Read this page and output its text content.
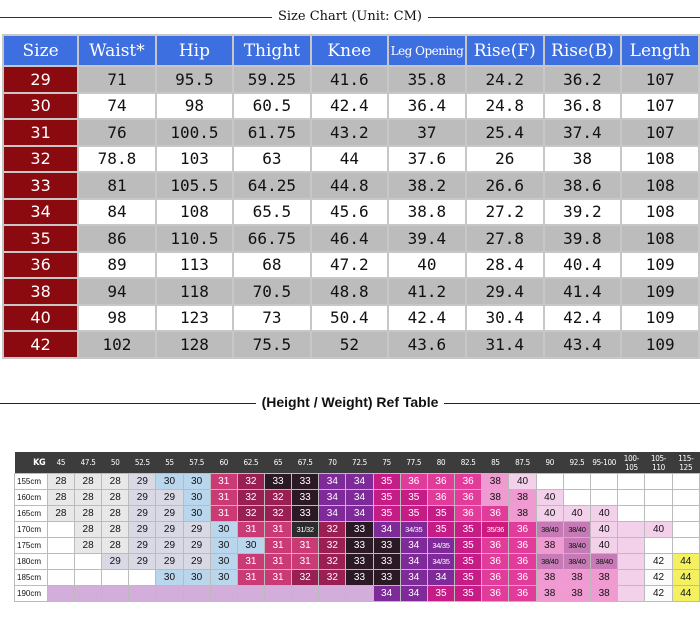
Size Chart (Unit: CM)
Size	Waist*	Hip	Thight	Knee	Leg Opening	Rise(F)	Rise(B)	Length
29	71	95.5	59.25	41.6	35.8	24.2	36.2	107
30	74	98	60.5	42.4	36.4	24.8	36.8	107
31	76	100.5	61.75	43.2	37	25.4	37.4	107
32	78.8	103	63	44	37.6	26	38	108
33	81	105.5	64.25	44.8	38.2	26.6	38.6	108
34	84	108	65.5	45.6	38.8	27.2	39.2	108
35	86	110.5	66.75	46.4	39.4	27.8	39.8	108
36	89	113	68	47.2	40	28.4	40.4	109
38	94	118	70.5	48.8	41.2	29.4	41.4	109
40	98	123	73	50.4	42.4	30.4	42.4	109
42	102	128	75.5	52	43.6	31.4	43.4	109
(Height / Weight) Ref Table
KG	45	47.5	50	52.5	55	57.5	60	62.5	65	67.5	70	72.5	75	77.5	80	82.5	85	87.5	90	92.5	95-100	100-105	105-110	115-125
155cm	28	28	28	29	30	30	31	32	33	33	34	34	35	36	36	36	38	40						
160cm	28	28	28	29	29	30	31	32	32	33	34	34	35	35	36	36	38	38	40					
165cm	28	28	28	29	29	30	31	32	32	33	34	34	35	35	35	36	36	38	40	40	40			
170cm		28	28	29	29	29	30	31	31	31/32	32	33	34	34/35	35	35	35/36	36	38/40	38/40	40		40	
175cm		28	28	29	29	29	30	30	31	31	32	33	33	34	34/35	35	36	36	38	38/40	40			
180cm			29	29	29	29	30	31	31	31	32	33	33	34	34/35	35	36	36	38/40	38/40	38/40		42	44
185cm					30	30	30	31	31	32	32	33	33	34	34	35	36	36	38	38	38		42	44
190cm													34	34	35	35	36	36	38	38	38		42	44
